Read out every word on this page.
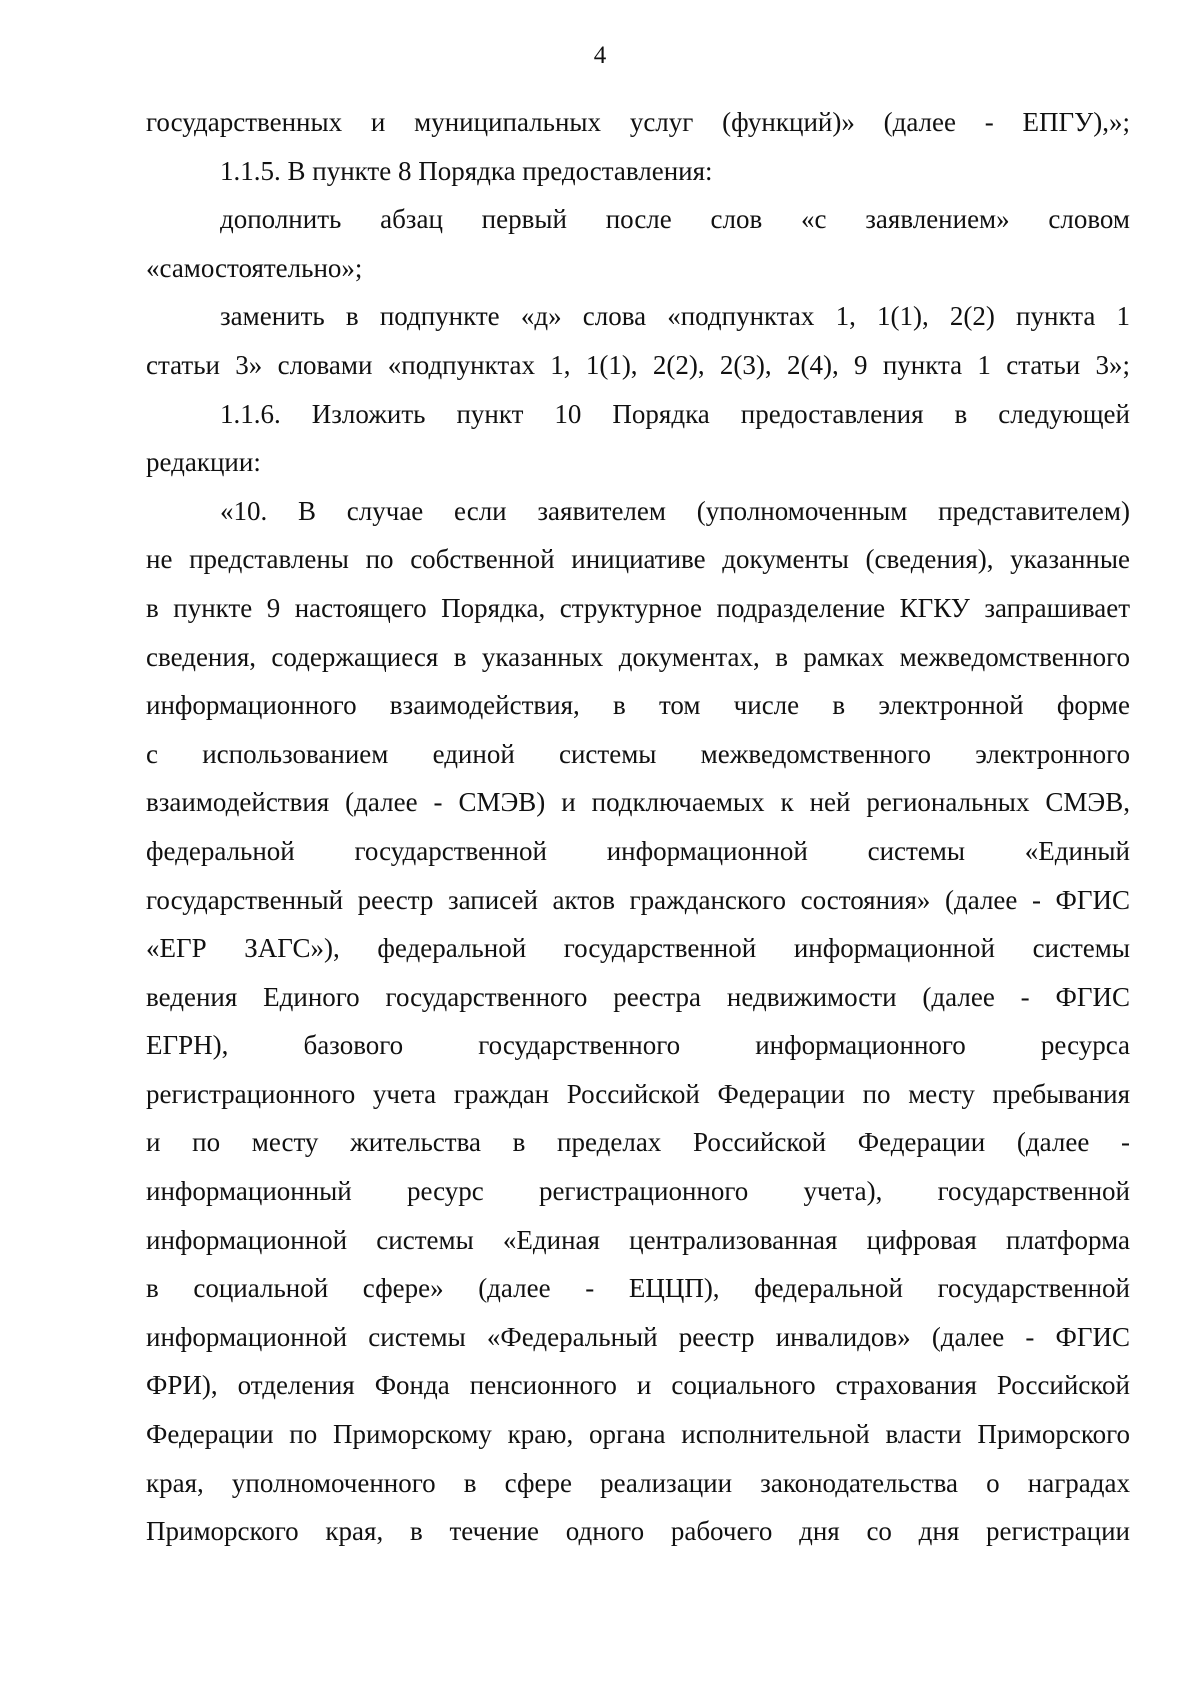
4
государственных и муниципальных услуг (функций)» (далее - ЕПГУ),»;
1.1.5. В пункте 8 Порядка предоставления:
дополнить абзац первый после слов «с заявлением» словом
«самостоятельно»;
заменить в подпункте «д» слова «подпунктах 1, 1(1), 2(2) пункта 1
статьи 3» словами «подпунктах 1, 1(1), 2(2), 2(3), 2(4), 9 пункта 1 статьи 3»;
1.1.6. Изложить пункт 10 Порядка предоставления в следующей
редакции:
«10. В случае если заявителем (уполномоченным представителем)
не представлены по собственной инициативе документы (сведения), указанные
в пункте 9 настоящего Порядка, структурное подразделение КГКУ запрашивает
сведения, содержащиеся в указанных документах, в рамках межведомственного
информационного взаимодействия, в том числе в электронной форме
с использованием единой системы межведомственного электронного
взаимодействия (далее - СМЭВ) и подключаемых к ней региональных СМЭВ,
федеральной государственной информационной системы «Единый
государственный реестр записей актов гражданского состояния» (далее - ФГИС
«ЕГР ЗАГС»), федеральной государственной информационной системы
ведения Единого государственного реестра недвижимости (далее - ФГИС
ЕГРН), базового государственного информационного ресурса
регистрационного учета граждан Российской Федерации по месту пребывания
и по месту жительства в пределах Российской Федерации (далее -
информационный ресурс регистрационного учета), государственной
информационной системы «Единая централизованная цифровая платформа
в социальной сфере» (далее - ЕЦЦП), федеральной государственной
информационной системы «Федеральный реестр инвалидов» (далее - ФГИС
ФРИ), отделения Фонда пенсионного и социального страхования Российской
Федерации по Приморскому краю, органа исполнительной власти Приморского
края, уполномоченного в сфере реализации законодательства о наградах
Приморского края, в течение одного рабочего дня со дня регистрации
